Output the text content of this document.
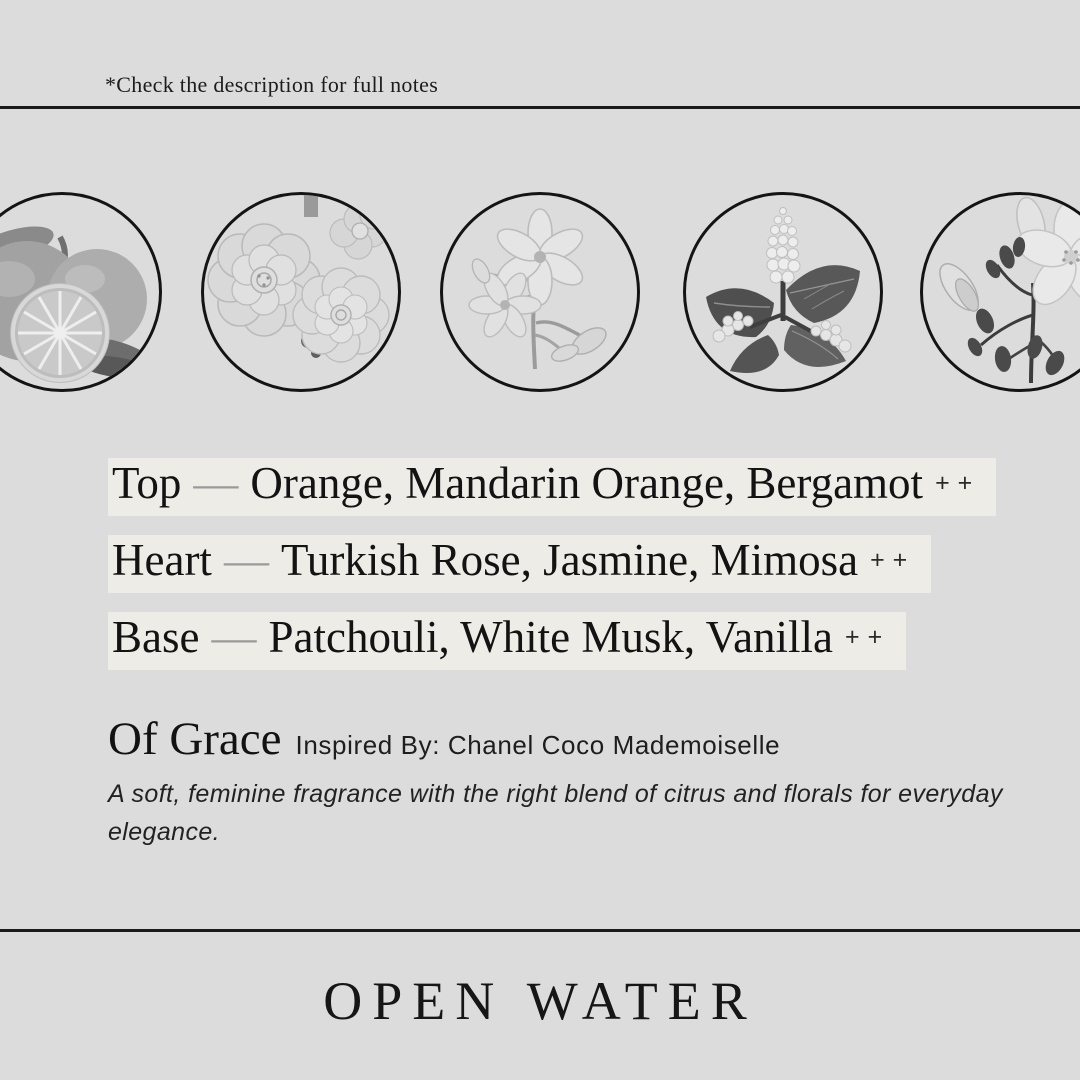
*Check the description for full notes
Top — Orange, Mandarin Orange, Bergamot ++
Heart — Turkish Rose, Jasmine, Mimosa ++
Base — Patchouli, White Musk, Vanilla ++
Of Grace Inspired By: Chanel Coco Mademoiselle
A soft, feminine fragrance with the right blend of citrus and florals for everyday elegance.
OPEN WATER
